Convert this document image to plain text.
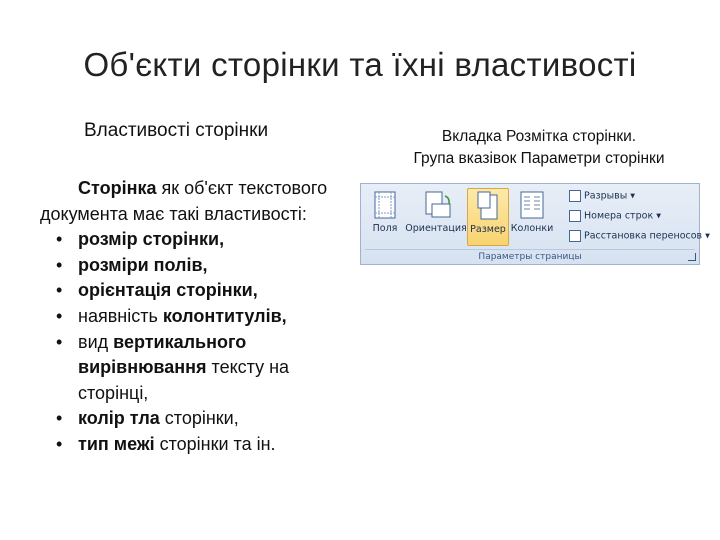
Об'єкти сторінки та їхні властивості
Властивості сторінки

Сторінка як об'єкт текстового документа має такі властивості:

• розмір сторінки,
• розміри полів,
• орієнтація сторінки,
• наявність колонтитулів,
• вид вертикального вирівнювання тексту на сторінці,
• колір тла сторінки,
• тип межі сторінки та ін.
Вкладка Розмітка сторінки.
Група вказівок Параметри сторінки
Поля Ориентация Размер Колонки
Разрывы ▾
Номера строк ▾
Расстановка переносов ▾
Параметры страницы
